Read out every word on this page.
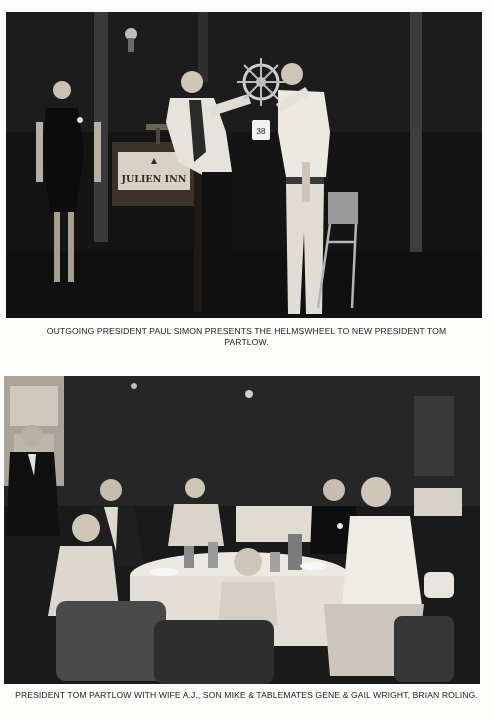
JULIEN INN
38
OUTGOING PRESIDENT PAUL SIMON PRESENTS THE HELMSWHEEL TO NEW PRESIDENT TOM PARTLOW.
PRESIDENT TOM PARTLOW WITH WIFE A.J., SON MIKE & TABLEMATES GENE & GAIL WRIGHT, BRIAN ROLING.
